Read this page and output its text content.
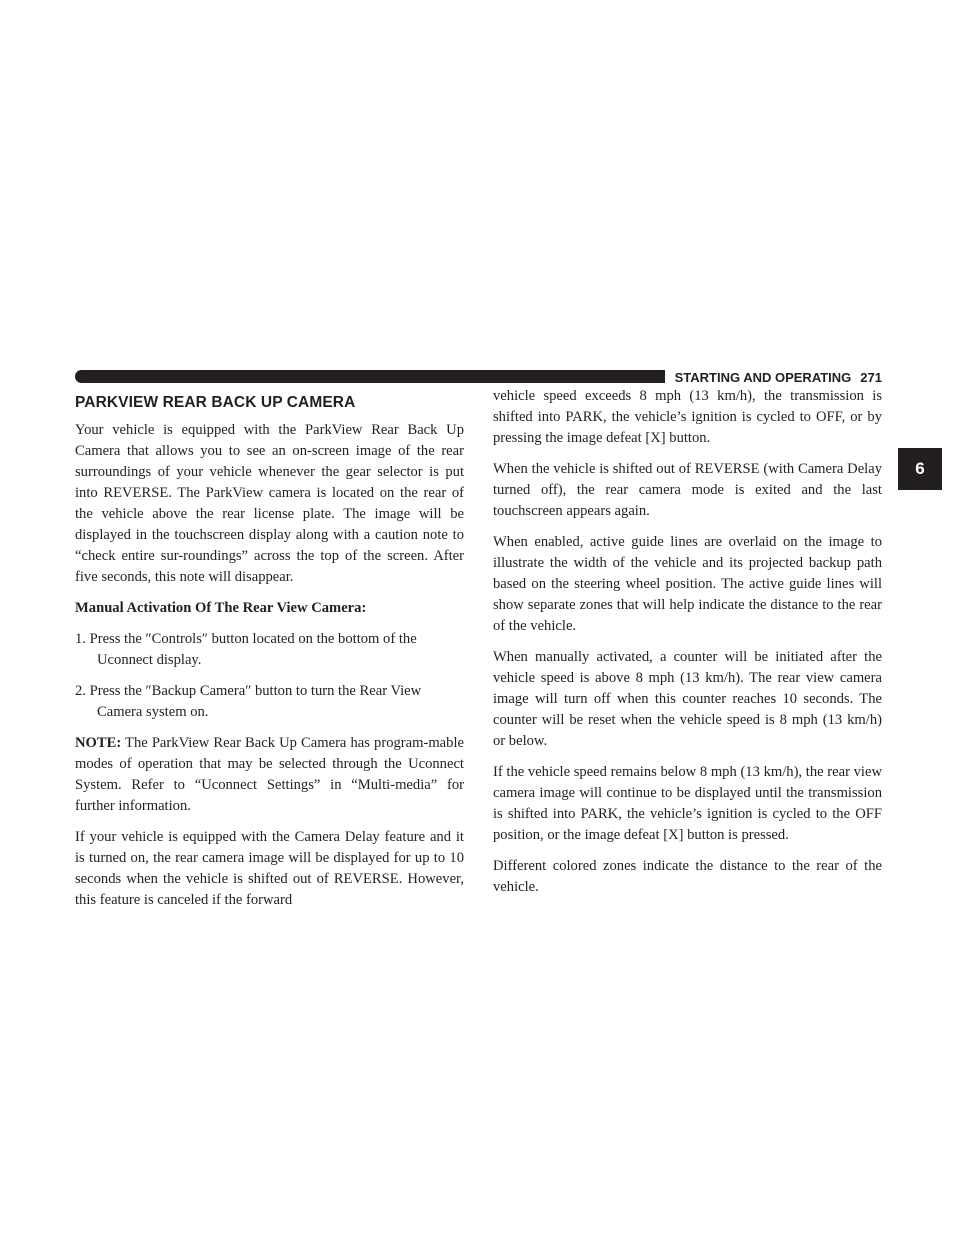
STARTING AND OPERATING 271
6
PARKVIEW REAR BACK UP CAMERA

Your vehicle is equipped with the ParkView Rear Back Up Camera that allows you to see an on-screen image of the rear surroundings of your vehicle whenever the gear selector is put into REVERSE. The ParkView camera is located on the rear of the vehicle above the rear license plate. The image will be displayed in the touchscreen display along with a caution note to “check entire sur-roundings” across the top of the screen. After five seconds, this note will disappear.

Manual Activation Of The Rear View Camera:

1. Press the ″Controls″ button located on the bottom of the Uconnect display.

2. Press the ″Backup Camera″ button to turn the Rear View Camera system on.

NOTE: The ParkView Rear Back Up Camera has program-mable modes of operation that may be selected through the Uconnect System. Refer to “Uconnect Settings” in “Multi-media” for further information.

If your vehicle is equipped with the Camera Delay feature and it is turned on, the rear camera image will be displayed for up to 10 seconds when the vehicle is shifted out of REVERSE. However, this feature is canceled if the forward

vehicle speed exceeds 8 mph (13 km/h), the transmission is shifted into PARK, the vehicle’s ignition is cycled to OFF, or by pressing the image defeat [X] button.

When the vehicle is shifted out of REVERSE (with Camera Delay turned off), the rear camera mode is exited and the last touchscreen appears again.

When enabled, active guide lines are overlaid on the image to illustrate the width of the vehicle and its projected backup path based on the steering wheel position. The active guide lines will show separate zones that will help indicate the distance to the rear of the vehicle.

When manually activated, a counter will be initiated after the vehicle speed is above 8 mph (13 km/h). The rear view camera image will turn off when this counter reaches 10 seconds. The counter will be reset when the vehicle speed is 8 mph (13 km/h) or below.

If the vehicle speed remains below 8 mph (13 km/h), the rear view camera image will continue to be displayed until the transmission is shifted into PARK, the vehicle’s ignition is cycled to the OFF position, or the image defeat [X] button is pressed.

Different colored zones indicate the distance to the rear of the vehicle.
